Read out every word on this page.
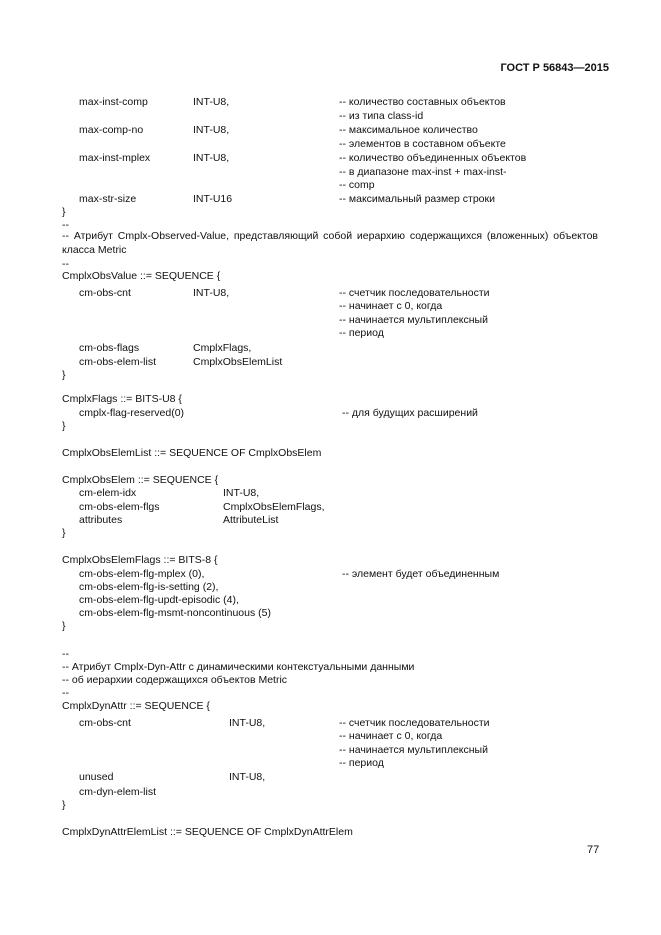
ГОСТ Р 56843—2015
max-inst-comp	INT-U8,	-- количество составных объектов
-- из типа class-id
max-comp-no	INT-U8,	-- максимальное количество
-- элементов в составном объекте
max-inst-mplex	INT-U8,	-- количество объединенных объектов
-- в диапазоне max-inst + max-inst-
-- comp
max-str-size	INT-U16	-- максимальный размер строки
}
--
-- Атрибут Cmplx-Observed-Value, представляющий собой иерархию содержащихся (вложенных) объектов класса Metric
--
CmplxObsValue ::= SEQUENCE {
cm-obs-cnt	INT-U8,	-- счетчик последовательности
-- начинает с 0, когда
-- начинается мультиплексный
-- период
cm-obs-flags	CmplxFlags,
cm-obs-elem-list	CmplxObsElemList
}
CmplxFlags ::= BITS-U8 {
cmplx-flag-reserved(0)	-- для будущих расширений
}
CmplxObsElemList ::= SEQUENCE OF CmplxObsElem
CmplxObsElem ::= SEQUENCE {
cm-elem-idx	INT-U8,
cm-obs-elem-flgs	CmplxObsElemFlags,
attributes	AttributeList
}
CmplxObsElemFlags ::= BITS-8 {
cm-obs-elem-flg-mplex (0),	-- элемент будет объединенным
cm-obs-elem-flg-is-setting (2),
cm-obs-elem-flg-updt-episodic (4),
cm-obs-elem-flg-msmt-noncontinuous (5)
}
--
-- Атрибут Cmplx-Dyn-Attr с динамическими контекстуальными данными
-- об иерархии содержащихся объектов Metric
--
CmplxDynAttr ::= SEQUENCE {
cm-obs-cnt	INT-U8,	-- счетчик последовательности
-- начинает с 0, когда
-- начинается мультиплексный
-- период
unused	INT-U8,
cm-dyn-elem-list
}
CmplxDynAttrElemList ::= SEQUENCE OF CmplxDynAttrElem
77
